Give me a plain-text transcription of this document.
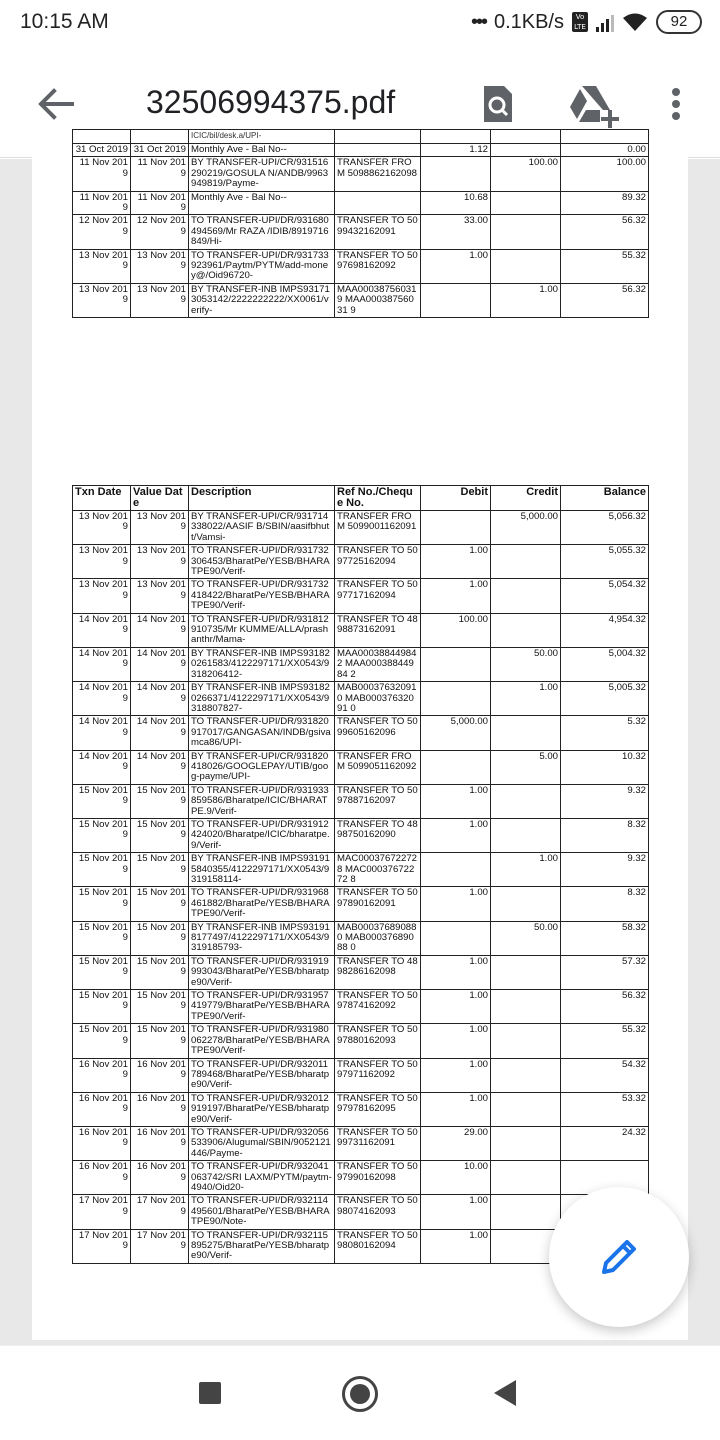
10:15 AM	••• 0.1KB/s	Vo LTE	92
32506994375.pdf
		ICIC/bil/desk.a/UPI-				
31 Oct 2019	31 Oct 2019	Monthly Ave - Bal No--		1.12		0.00
11 Nov 2019	11 Nov 2019	BY TRANSFER-UPI/CR/931516290219/GOSULA N/ANDB/9963949819/Payme-	TRANSFER FROM 5098862162098		100.00	100.00
11 Nov 2019	11 Nov 2019	Monthly Ave - Bal No--		10.68		89.32
12 Nov 2019	12 Nov 2019	TO TRANSFER-UPI/DR/931680494569/Mr RAZA /IDIB/8919716849/Hi-	TRANSFER TO 5099432162091	33.00		56.32
13 Nov 2019	13 Nov 2019	TO TRANSFER-UPI/DR/931733923961/Paytm/PYTM/add-money@/Oid96720-	TRANSFER TO 5097698162092	1.00		55.32
13 Nov 2019	13 Nov 2019	BY TRANSFER-INB IMPS931713053142/2222222222/XX0061/verify-	MAA00038756031 9 MAA00038756031 9		1.00	56.32
Txn Date	Value Date	Description	Ref No./Cheque No.	Debit	Credit	Balance
13 Nov 2019	13 Nov 2019	BY TRANSFER-UPI/CR/931714338022/AASIF B/SBIN/aasifbhutt/Vamsi-	TRANSFER FROM 5099001162091		5,000.00	5,056.32
13 Nov 2019	13 Nov 2019	TO TRANSFER-UPI/DR/931732306453/BharatPe/YESB/BHARATPE90/Verif-	TRANSFER TO 5097725162094	1.00		5,055.32
13 Nov 2019	13 Nov 2019	TO TRANSFER-UPI/DR/931732418422/BharatPe/YESB/BHARATPE90/Verif-	TRANSFER TO 5097717162094	1.00		5,054.32
14 Nov 2019	14 Nov 2019	TO TRANSFER-UPI/DR/931812910735/Mr KUMME/ALLA/prashanthr/Mama-	TRANSFER TO 4898873162091	100.00		4,954.32
14 Nov 2019	14 Nov 2019	BY TRANSFER-INB IMPS931820261583/4122297171/XX0543/9318206412-	MAA00038844984 2 MAA00038844984 2		50.00	5,004.32
14 Nov 2019	14 Nov 2019	BY TRANSFER-INB IMPS931820266371/4122297171/XX0543/9318807827-	MAB00037632091 0 MAB00037632091 0		1.00	5,005.32
14 Nov 2019	14 Nov 2019	TO TRANSFER-UPI/DR/931820917017/GANGASAN/INDB/gsivamca86/UPI-	TRANSFER TO 5099605162096	5,000.00		5.32
14 Nov 2019	14 Nov 2019	BY TRANSFER-UPI/CR/931820418026/GOOGLEPAY/UTIB/goog-payme/UPI-	TRANSFER FROM 5099051162092		5.00	10.32
15 Nov 2019	15 Nov 2019	TO TRANSFER-UPI/DR/931933859586/Bharatpe/ICIC/BHARATPE.9/Verif-	TRANSFER TO 5097887162097	1.00		9.32
15 Nov 2019	15 Nov 2019	TO TRANSFER-UPI/DR/931912424020/Bharatpe/ICIC/bharatpe.9/Verif-	TRANSFER TO 4898750162090	1.00		8.32
15 Nov 2019	15 Nov 2019	BY TRANSFER-INB IMPS931915840355/4122297171/XX0543/9319158114-	MAC00037672272 8 MAC00037672272 8		1.00	9.32
15 Nov 2019	15 Nov 2019	TO TRANSFER-UPI/DR/931968461882/BharatPe/YESB/BHARATPE90/Verif-	TRANSFER TO 5097890162091	1.00		8.32
15 Nov 2019	15 Nov 2019	BY TRANSFER-INB IMPS931918177497/4122297171/XX0543/9319185793-	MAB00037689088 0 MAB00037689088 0		50.00	58.32
15 Nov 2019	15 Nov 2019	TO TRANSFER-UPI/DR/931919993043/BharatPe/YESB/bharatpe90/Verif-	TRANSFER TO 4898286162098	1.00		57.32
15 Nov 2019	15 Nov 2019	TO TRANSFER-UPI/DR/931957419779/BharatPe/YESB/BHARATPE90/Verif-	TRANSFER TO 5097874162092	1.00		56.32
15 Nov 2019	15 Nov 2019	TO TRANSFER-UPI/DR/931980062278/BharatPe/YESB/BHARATPE90/Verif-	TRANSFER TO 5097880162093	1.00		55.32
16 Nov 2019	16 Nov 2019	TO TRANSFER-UPI/DR/932011789468/BharatPe/YESB/bharatpe90/Verif-	TRANSFER TO 5097971162092	1.00		54.32
16 Nov 2019	16 Nov 2019	TO TRANSFER-UPI/DR/932012919197/BharatPe/YESB/bharatpe90/Verif-	TRANSFER TO 5097978162095	1.00		53.32
16 Nov 2019	16 Nov 2019	TO TRANSFER-UPI/DR/932056533906/Alugumal/SBIN/9052121446/Payme-	TRANSFER TO 5099731162091	29.00		24.32
16 Nov 2019	16 Nov 2019	TO TRANSFER-UPI/DR/932041063742/SRI LAXM/PYTM/paytm-4940/Oid20-	TRANSFER TO 5097990162098	10.00		
17 Nov 2019	17 Nov 2019	TO TRANSFER-UPI/DR/932114495601/BharatPe/YESB/BHARATPE90/Note-	TRANSFER TO 5098074162093	1.00		
17 Nov 2019	17 Nov 2019	TO TRANSFER-UPI/DR/932115895275/BharatPe/YESB/bharatpe90/Verif-	TRANSFER TO 5098080162094	1.00		
